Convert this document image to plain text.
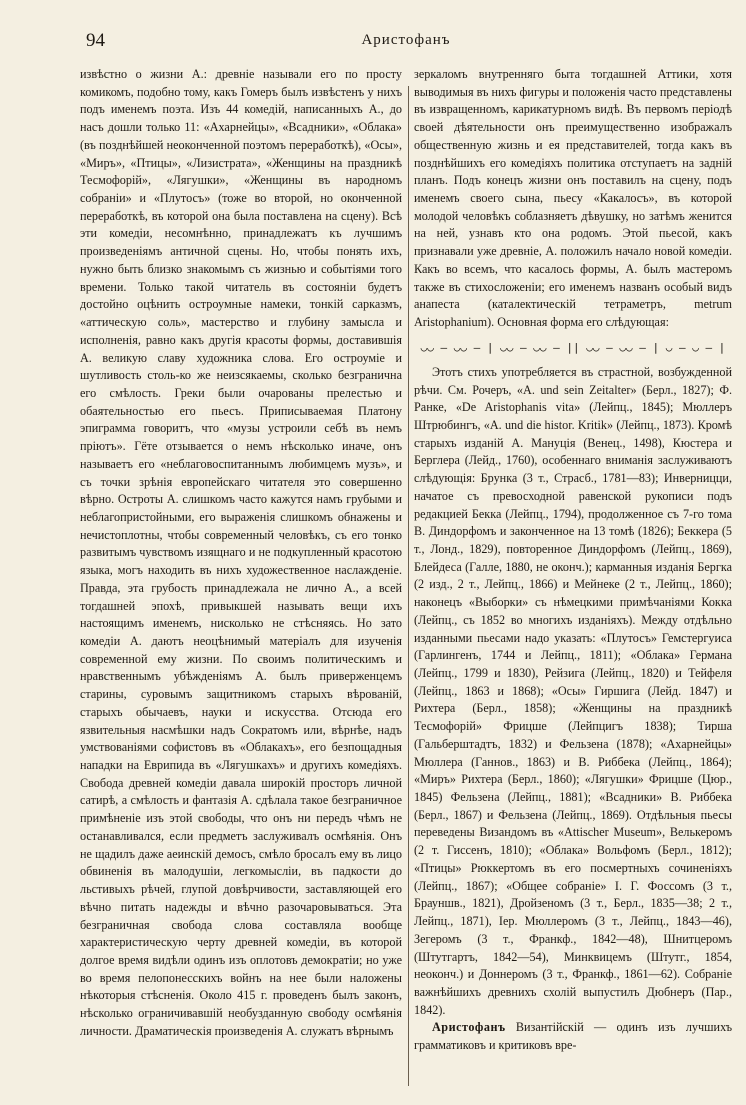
94	Аристофанъ

извѣстно о жизни А.: древніе называли его по просту комикомъ, подобно тому, какъ Гомеръ былъ извѣстенъ у нихъ подъ именемъ поэта. Изъ 44 комедій, написанныхъ А., до насъ дошли только 11: «Ахарнейцы», «Всадники», «Облака» (въ позднѣйшей неоконченной поэтомъ переработкѣ), «Осы», «Миръ», «Птицы», «Лизистрата», «Женщины на праздникѣ Тесмофорій», «Лягушки», «Женщины въ народномъ собраніи» и «Плутосъ» (тоже во второй, но оконченной переработкѣ, въ которой она была поставлена на сцену). Всѣ эти комедіи, несомнѣнно, принадлежатъ къ лучшимъ произведеніямъ античной сцены. Но, чтобы понять ихъ, нужно быть близко знакомымъ съ жизнью и событіями того времени. Только такой читатель въ состояніи будетъ достойно оцѣнить остроумные намеки, тонкій сарказмъ, «аттическую соль», мастерство и глубину замысла и исполненія, равно какъ другія красоты формы, доставившія А. великую славу художника слова. Его остроуміе и шутливость столь-ко же неизсякаемы, сколько безгранична его смѣлость. Греки были очарованы прелестью и обаятельностью его пьесъ. Приписываемая Платону эпиграмма говоритъ, что «музы устроили себѣ въ немъ пріютъ». Гёте отзывается о немъ нѣсколько иначе, онъ называетъ его «неблаговоспитаннымъ любимцемъ музъ», и съ точки зрѣнія европейскаго читателя это совершенно вѣрно. Остроты А. слишкомъ часто кажутся намъ грубыми и неблагопристойными, его выраженія слишкомъ обнажены и нечистоплотны, чтобы современный человѣкъ, съ его тонко развитымъ чувствомъ изящнаго и не подкупленный красотою языка, могъ находить въ нихъ художественное наслажденіе. Правда, эта грубость принадлежала не лично А., а всей тогдашней эпохѣ, привыкшей называть вещи ихъ настоящимъ именемъ, нисколько не стѣсняясь. Но зато комедіи А. даютъ неоцѣнимый матеріалъ для изученія современной ему жизни. По своимъ политическимъ и нравственнымъ убѣжденіямъ А. былъ приверженцемъ старины, суровымъ защитникомъ старыхъ вѣрованій, старыхъ обычаевъ, науки и искусства. Отсюда его язвительныя насмѣшки надъ Сократомъ или, вѣрнѣе, надъ умствованіями софистовъ въ «Облакахъ», его безпощадныя нападки на Еврипида въ «Лягушкахъ» и другихъ комедіяхъ. Свобода древней комедіи давала широкій просторъ личной сатирѣ, а смѣлость и фантазія А. сдѣлала такое безграничное примѣненіе изъ этой свободы, что онъ ни передъ чѣмъ не останавливался, если предметъ заслуживалъ осмѣянія. Онъ не щадилъ даже аеинскій демосъ, смѣло бросалъ ему въ лицо обвиненія въ малодушіи, легкомысліи, въ падкости до льстивыхъ рѣчей, глупой довѣрчивости, заставляющей его вѣчно питать надежды и вѣчно разочаровываться. Эта безграничная свобода слова составляла вообще характеристическую черту древней комедіи, въ которой долгое время видѣли одинъ изъ оплотовъ демократіи; но уже во время пелопонесскихъ войнъ на нее были наложены нѣкоторыя стѣсненія. Около 415 г. проведенъ былъ законъ, нѣсколько ограничивавшій необузданную свободу осмѣянія личности. Драматическія произведенія А. служатъ вѣрнымъ

зеркаломъ внутренняго быта тогдашней Аттики, хотя выводимыя въ нихъ фигуры и положенія часто представлены въ извращенномъ, карикатурномъ видѣ. Въ первомъ періодѣ своей дѣятельности онъ преимущественно изображалъ общественную жизнь и ея представителей, тогда какъ въ позднѣйшихъ его комедіяхъ политика отступаетъ на задній планъ. Подъ конецъ жизни онъ поставилъ на сцену, подъ именемъ своего сына, пьесу «Какалосъ», въ которой молодой человѣкъ соблазняетъ дѣвушку, но затѣмъ женится на ней, узнавъ кто она родомъ. Этой пьесой, какъ признавали уже древніе, А. положилъ начало новой комедіи. Какъ во всемъ, что касалось формы, А. былъ мастеромъ также въ стихосложеніи; его именемъ названъ особый видъ анапеста (каталектическій тетраметръ, metrum Aristophanium). Основная форма его слѣдующая:

◡◡ — ◡◡ — | ◡◡ — ◡◡ — || ◡◡ — ◡◡ — | ◡ — ◡ — |

Этотъ стихъ употребляется въ страстной, возбужденной рѣчи. См. Рочеръ, «A. und sein Zeitalter» (Берл., 1827); Ф. Ранке, «De Aristophanis vita» (Лейпц., 1845); Мюллеръ Штрюбингъ, «A. und die histor. Kritik» (Лейпц., 1873). Кромѣ старыхъ изданій А. Мануція (Венец., 1498), Кюстера и Берглера (Лейд., 1760), особеннаго вниманія заслуживаютъ слѣдующія: Брунка (3 т., Страсб., 1781—83); Инверницци, начатое съ превосходной равенской рукописи подъ редакцией Бекка (Лейпц., 1794), продолженное съ 7-го тома В. Диндорфомъ и законченное на 13 томѣ (1826); Беккера (5 т., Лонд., 1829), повторенное Диндорфомъ (Лейпц., 1869), Блейдеса (Галле, 1880, не оконч.); карманныя изданія Бергка (2 изд., 2 т., Лейпц., 1866) и Мейнеке (2 т., Лейпц., 1860); наконецъ «Выборки» съ нѣмецкими примѣчаніями Кокка (Лейпц., съ 1852 во многихъ изданіяхъ). Между отдѣльно изданными пьесами надо указать: «Плутосъ» Гемстергуиса (Гарлингенъ, 1744 и Лейпц., 1811); «Облака» Германа (Лейпц., 1799 и 1830), Рейзига (Лейпц., 1820) и Тейфеля (Лейпц., 1863 и 1868); «Осы» Гиршига (Лейд. 1847) и Рихтера (Берл., 1858); «Женщины на праздникѣ Тесмофорій» Фрицше (Лейпцигъ 1838); Тирша (Гальберштадтъ, 1832) и Фельзена (1878); «Ахарнейцы» Мюллера (Ганнов., 1863) и В. Риббека (Лейпц., 1864); «Миръ» Рихтера (Берл., 1860); «Лягушки» Фрицше (Цюр., 1845) Фельзена (Лейпц., 1881); «Всадники» В. Риббека (Берл., 1867) и Фельзена (Лейпц., 1869). Отдѣльныя пьесы переведены Визандомъ въ «Attischer Museum», Велькеромъ (2 т. Гиссенъ, 1810); «Облака» Вольфомъ (Берл., 1812); «Птицы» Рюккертомъ въ его посмертныхъ сочиненіяхъ (Лейпц., 1867); «Общее собраніе» І. Г. Фоссомъ (3 т., Брауншв., 1821), Дройзеномъ (3 т., Берл., 1835—38; 2 т., Лейпц., 1871), Іер. Мюллеромъ (3 т., Лейпц., 1843—46), Зегеромъ (3 т., Франкф., 1842—48), Шнитцеромъ (Штутгартъ, 1842—54), Минквицемъ (Штутг., 1854, неоконч.) и Доннеромъ (3 т., Франкф., 1861—62). Собраніе важнѣйшихъ древнихъ схолій выпустилъ Дюбнеръ (Пар., 1842).

Аристофанъ Византійскій — одинъ изъ лучшихъ грамматиковъ и критиковъ вре-
